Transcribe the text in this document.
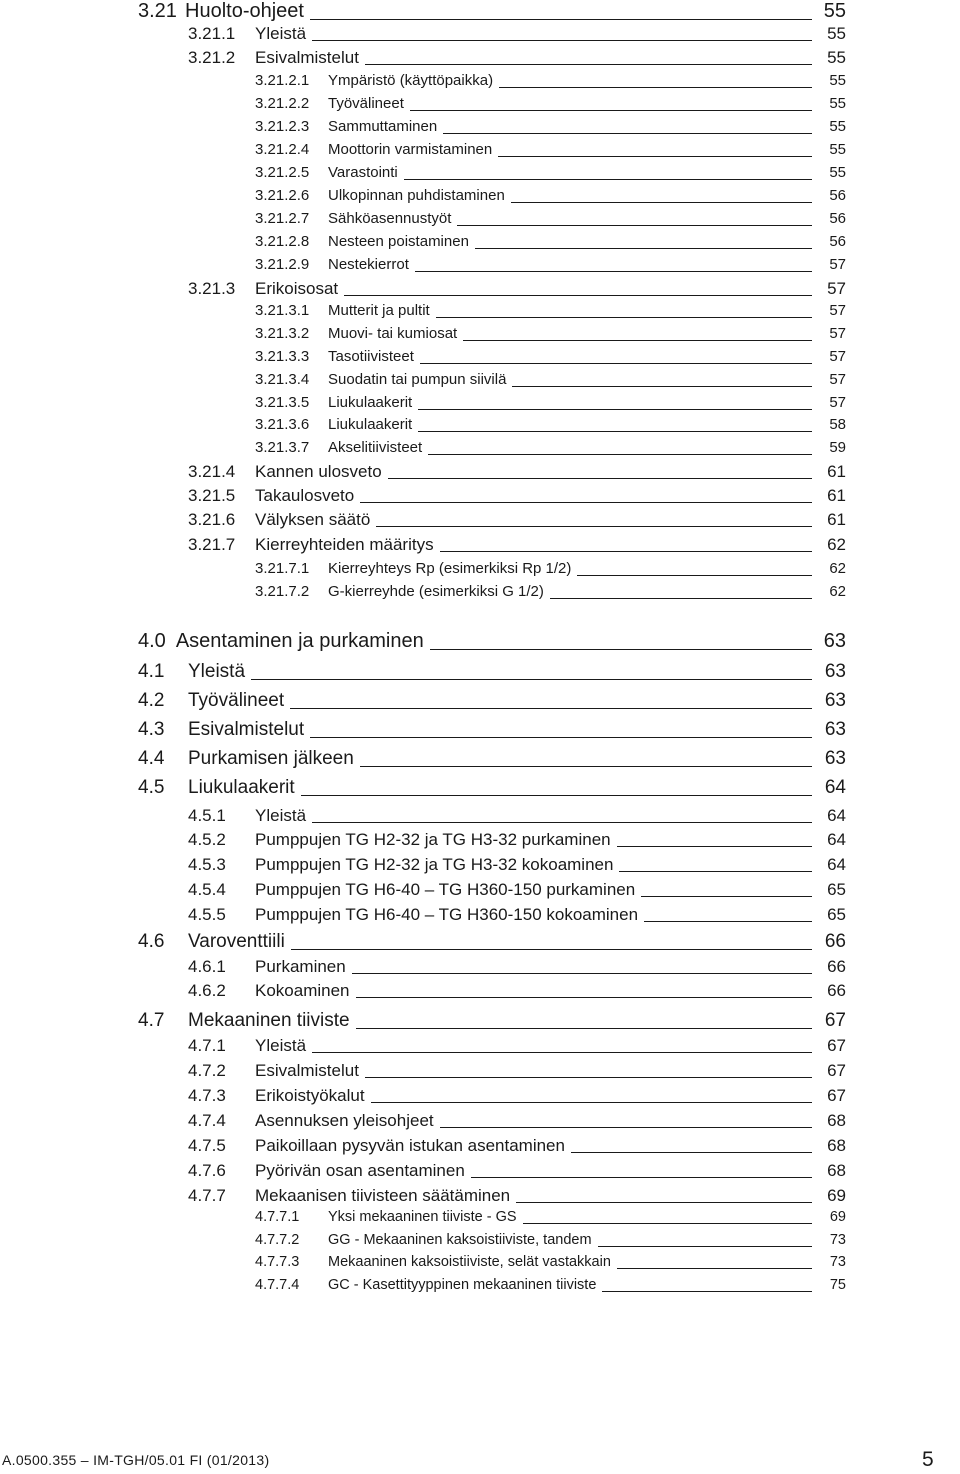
3.21 Huolto-ohjeet	55
3.21.1 Yleistä	55
3.21.2 Esivalmistelut	55
3.21.2.1 Ympäristö (käyttöpaikka)	55
3.21.2.2 Työvälineet	55
3.21.2.3 Sammuttaminen	55
3.21.2.4 Moottorin varmistaminen	55
3.21.2.5 Varastointi	55
3.21.2.6 Ulkopinnan puhdistaminen	56
3.21.2.7 Sähköasennustyöt	56
3.21.2.8 Nesteen poistaminen	56
3.21.2.9 Nestekierrot	57
3.21.3 Erikoisosat	57
3.21.3.1 Mutterit ja pultit	57
3.21.3.2 Muovi- tai kumiosat	57
3.21.3.3 Tasotiivisteet	57
3.21.3.4 Suodatin tai pumpun siivilä	57
3.21.3.5 Liukulaakerit	57
3.21.3.6 Liukulaakerit	58
3.21.3.7 Akselitiivisteet	59
3.21.4 Kannen ulosveto	61
3.21.5 Takaulosveto	61
3.21.6 Välyksen säätö	61
3.21.7 Kierreyhteiden määritys	62
3.21.7.1 Kierreyhteys Rp (esimerkiksi Rp 1/2)	62
3.21.7.2 G-kierreyhde (esimerkiksi G 1/2)	62
4.0 Asentaminen ja purkaminen	63
4.1 Yleistä	63
4.2 Työvälineet	63
4.3 Esivalmistelut	63
4.4 Purkamisen jälkeen	63
4.5 Liukulaakerit	64
4.5.1 Yleistä	64
4.5.2 Pumppujen TG H2-32 ja TG H3-32 purkaminen	64
4.5.3 Pumppujen TG H2-32 ja TG H3-32 kokoaminen	64
4.5.4 Pumppujen TG H6-40 – TG H360-150 purkaminen	65
4.5.5 Pumppujen TG H6-40 – TG H360-150 kokoaminen	65
4.6 Varoventtiili	66
4.6.1 Purkaminen	66
4.6.2 Kokoaminen	66
4.7 Mekaaninen tiiviste	67
4.7.1 Yleistä	67
4.7.2 Esivalmistelut	67
4.7.3 Erikoistyökalut	67
4.7.4 Asennuksen yleisohjeet	68
4.7.5 Paikoillaan pysyvän istukan asentaminen	68
4.7.6 Pyörivän osan asentaminen	68
4.7.7 Mekaanisen tiivisteen säätäminen	69
4.7.7.1 Yksi mekaaninen tiiviste - GS	69
4.7.7.2 GG - Mekaaninen kaksoistiiviste, tandem	73
4.7.7.3 Mekaaninen kaksoistiiviste, selät vastakkain	73
4.7.7.4 GC - Kasettityyppinen mekaaninen tiiviste	75
A.0500.355 – IM-TGH/05.01 FI (01/2013)	5
